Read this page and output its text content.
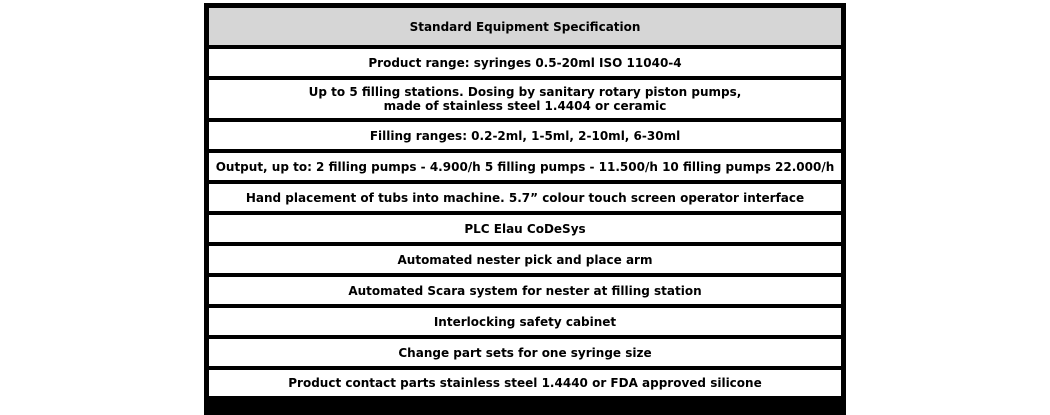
Standard Equipment Specification
Product range: syringes 0.5-20ml ISO 11040-4
Up to 5 filling stations. Dosing by sanitary rotary piston pumps,
made of stainless steel 1.4404 or ceramic
Filling ranges: 0.2-2ml, 1-5ml, 2-10ml, 6-30ml
Output, up to: 2 filling pumps - 4.900/h 5 filling pumps - 11.500/h 10 filling pumps 22.000/h
Hand placement of tubs into machine. 5.7” colour touch screen operator interface
PLC Elau CoDeSys
Automated nester pick and place arm
Automated Scara system for nester at filling station
Interlocking safety cabinet
Change part sets for one syringe size
Product contact parts stainless steel 1.4440 or FDA approved silicone
